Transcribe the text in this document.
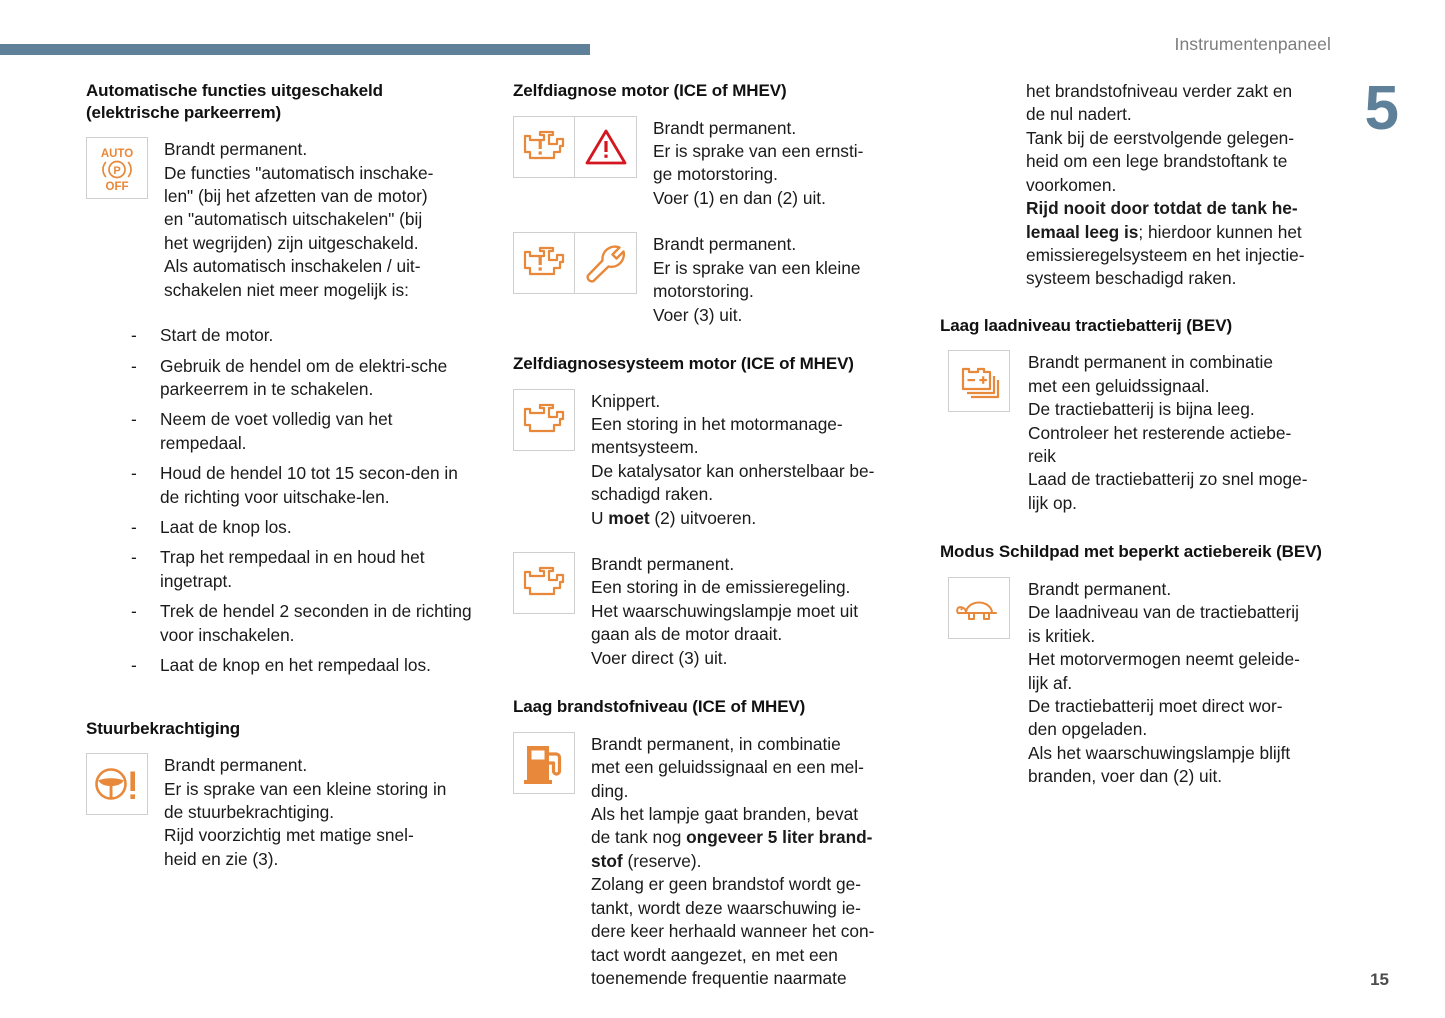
Instrumentenpaneel
5
15
Automatische functies uitgeschakeld (elektrische parkeerrem)
AUTO
OFF
P
Brandt permanent.
De functies "automatisch inschake-
len" (bij het afzetten van de motor)
en "automatisch uitschakelen" (bij
het wegrijden) zijn uitgeschakeld.
Als automatisch inschakelen / uit-
schakelen niet meer mogelijk is:
- Start de motor.
- Gebruik de hendel om de elektri-sche parkeerrem in te schakelen.
- Neem de voet volledig van het rempedaal.
- Houd de hendel 10 tot 15 secon-den in de richting voor uitschake-len.
- Laat de knop los.
- Trap het rempedaal in en houd het ingetrapt.
- Trek de hendel 2 seconden in de richting voor inschakelen.
- Laat de knop en het rempedaal los.
Stuurbekrachtiging
Brandt permanent.
Er is sprake van een kleine storing in
de stuurbekrachtiging.
Rijd voorzichtig met matige snel-
heid en zie (3).
Zelfdiagnose motor (ICE of MHEV)
Brandt permanent.
Er is sprake van een ernsti-
ge motorstoring.
Voer (1) en dan (2) uit.
Brandt permanent.
Er is sprake van een kleine
motorstoring.
Voer (3) uit.
Zelfdiagnosesysteem motor (ICE of MHEV)
Knippert.
Een storing in het motormanage-
mentsysteem.
De katalysator kan onherstelbaar be-
schadigd raken.
U moet (2) uitvoeren.
Brandt permanent.
Een storing in de emissieregeling.
Het waarschuwingslampje moet uit
gaan als de motor draait.
Voer direct (3) uit.
Laag brandstofniveau (ICE of MHEV)
Brandt permanent, in combinatie
met een geluidssignaal en een mel-
ding.
Als het lampje gaat branden, bevat
de tank nog ongeveer 5 liter brand-
stof (reserve).
Zolang er geen brandstof wordt ge-
tankt, wordt deze waarschuwing ie-
dere keer herhaald wanneer het con-
tact wordt aangezet, en met een
toenemende frequentie naarmate
het brandstofniveau verder zakt en
de nul nadert.
Tank bij de eerstvolgende gelegen-
heid om een lege brandstoftank te
voorkomen.
Rijd nooit door totdat de tank he-
lemaal leeg is; hierdoor kunnen het
emissieregelsysteem en het injectie-
systeem beschadigd raken.
Laag laadniveau tractiebatterij (BEV)
Brandt permanent in combinatie
met een geluidssignaal.
De tractiebatterij is bijna leeg.
Controleer het resterende actiebe-
reik
Laad de tractiebatterij zo snel moge-
lijk op.
Modus Schildpad met beperkt actiebereik (BEV)
Brandt permanent.
De laadniveau van de tractiebatterij
is kritiek.
Het motorvermogen neemt geleide-
lijk af.
De tractiebatterij moet direct wor-
den opgeladen.
Als het waarschuwingslampje blijft
branden, voer dan (2) uit.
